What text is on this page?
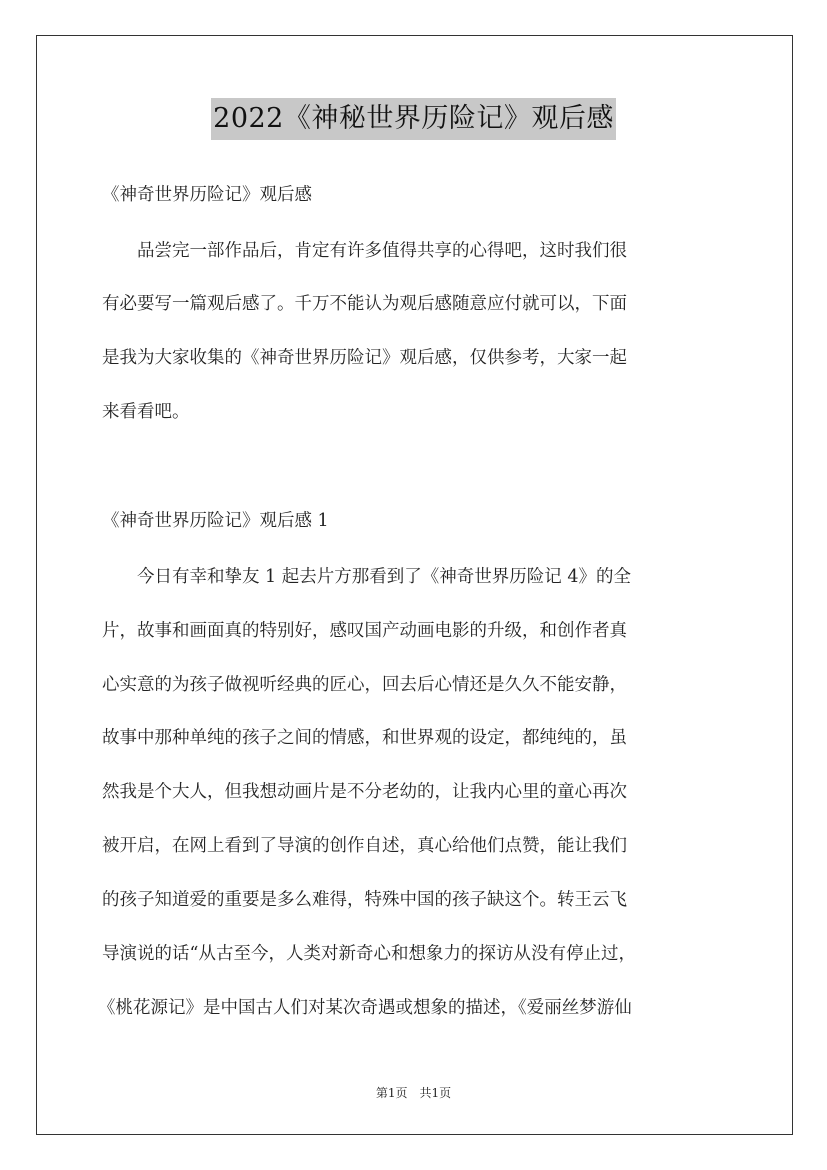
2022《神秘世界历险记》观后感
《神奇世界历险记》观后感
　　品尝完一部作品后，肯定有许多值得共享的心得吧，这时我们很
有必要写一篇观后感了。千万不能认为观后感随意应付就可以，下面
是我为大家收集的《神奇世界历险记》观后感，仅供参考，大家一起
来看看吧。
《神奇世界历险记》观后感 1
　　今日有幸和挚友 1 起去片方那看到了《神奇世界历险记 4》的全
片，故事和画面真的特别好，感叹国产动画电影的升级，和创作者真
心实意的为孩子做视听经典的匠心，回去后心情还是久久不能安静，
故事中那种单纯的孩子之间的情感，和世界观的设定，都纯纯的，虽
然我是个大人，但我想动画片是不分老幼的，让我内心里的童心再次
被开启，在网上看到了导演的创作自述，真心给他们点赞，能让我们
的孩子知道爱的重要是多么难得，特殊中国的孩子缺这个。转王云飞
导演说的话“从古至今，人类对新奇心和想象力的探访从没有停止过，
《桃花源记》是中国古人们对某次奇遇或想象的描述，《爱丽丝梦游仙
第1页　共1页
